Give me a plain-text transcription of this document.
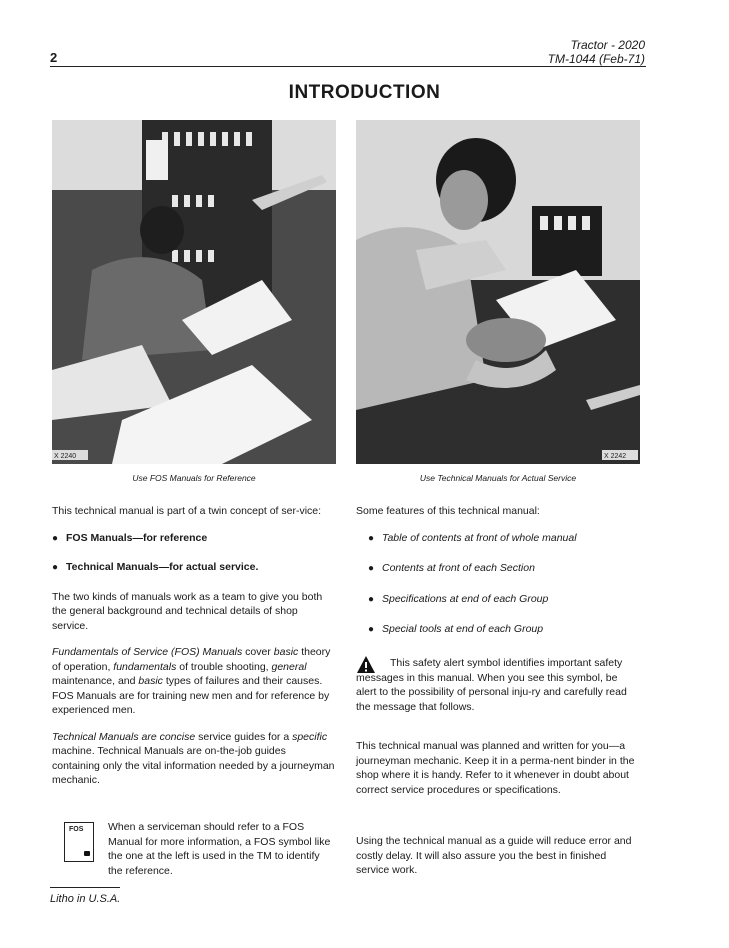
Tractor - 2020
TM-1044 (Feb-71)
2
INTRODUCTION
X 2240
Use FOS Manuals for Reference
X 2242
Use Technical Manuals for Actual Service

This technical manual is part of a twin concept of ser-vice:

● FOS Manuals—for reference
● Technical Manuals—for actual service.

The two kinds of manuals work as a team to give you both the general background and technical details of shop service.

Fundamentals of Service (FOS) Manuals cover basic theory of operation, fundamentals of trouble shooting, general maintenance, and basic types of failures and their causes. FOS Manuals are for training new men and for reference by experienced men.

Technical Manuals are concise service guides for a specific machine. Technical Manuals are on-the-job guides containing only the vital information needed by a journeyman mechanic.

FOS When a serviceman should refer to a FOS Manual for more information, a FOS symbol like the one at the left is used in the TM to identify the reference.

Some features of this technical manual:

● Table of contents at front of whole manual
● Contents at front of each Section
● Specifications at end of each Group
● Special tools at end of each Group
This safety alert symbol identifies important safety messages in this manual. When you see this symbol, be alert to the possibility of personal inju-ry and carefully read the message that follows.
This technical manual was planned and written for you—a journeyman mechanic. Keep it in a perma-nent binder in the shop where it is handy. Refer to it whenever in doubt about correct service procedures or specifications.
Using the technical manual as a guide will reduce error and costly delay. It will also assure you the best in finished service work.
Litho in U.S.A.
